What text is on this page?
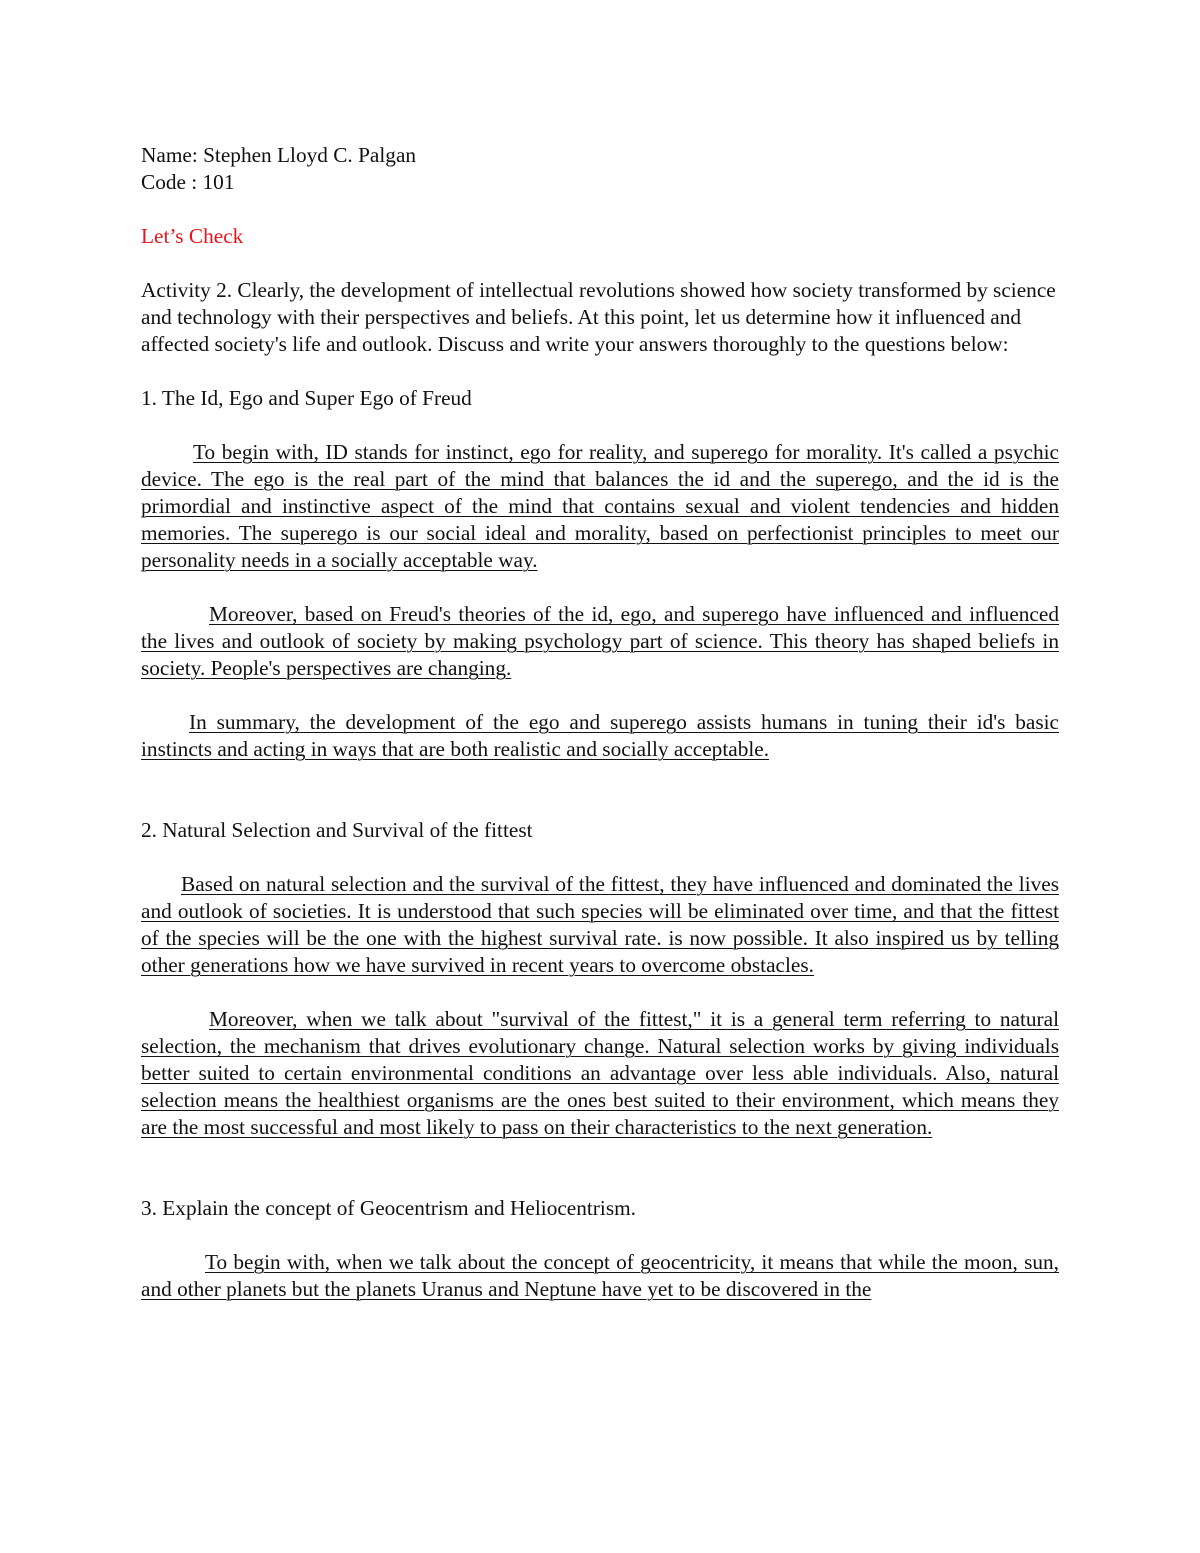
Name: Stephen Lloyd C. Palgan

Code : 101

Let’s Check

Activity 2. Clearly, the development of intellectual revolutions showed how society transformed by science and technology with their perspectives and beliefs. At this point, let us determine how it influenced and affected society's life and outlook. Discuss and write your answers thoroughly to the questions below:

1. The Id, Ego and Super Ego of Freud

To begin with, ID stands for instinct, ego for reality, and superego for morality. It's called a psychic device. The ego is the real part of the mind that balances the id and the superego, and the id is the primordial and instinctive aspect of the mind that contains sexual and violent tendencies and hidden memories. The superego is our social ideal and morality, based on perfectionist principles to meet our personality needs in a socially acceptable way.

Moreover, based on Freud's theories of the id, ego, and superego have influenced and influenced the lives and outlook of society by making psychology part of science. This theory has shaped beliefs in society. People's perspectives are changing.

In summary, the development of the ego and superego assists humans in tuning their id's basic instincts and acting in ways that are both realistic and socially acceptable.

2. Natural Selection and Survival of the fittest

Based on natural selection and the survival of the fittest, they have influenced and dominated the lives and outlook of societies. It is understood that such species will be eliminated over time, and that the fittest of the species will be the one with the highest survival rate. is now possible. It also inspired us by telling other generations how we have survived in recent years to overcome obstacles.

Moreover, when we talk about "survival of the fittest," it is a general term referring to natural selection, the mechanism that drives evolutionary change. Natural selection works by giving individuals better suited to certain environmental conditions an advantage over less able individuals. Also, natural selection means the healthiest organisms are the ones best suited to their environment, which means they are the most successful and most likely to pass on their characteristics to the next generation.

3. Explain the concept of Geocentrism and Heliocentrism.

To begin with, when we talk about the concept of geocentricity, it means that while the moon, sun, and other planets but the planets Uranus and Neptune have yet to be discovered in the
